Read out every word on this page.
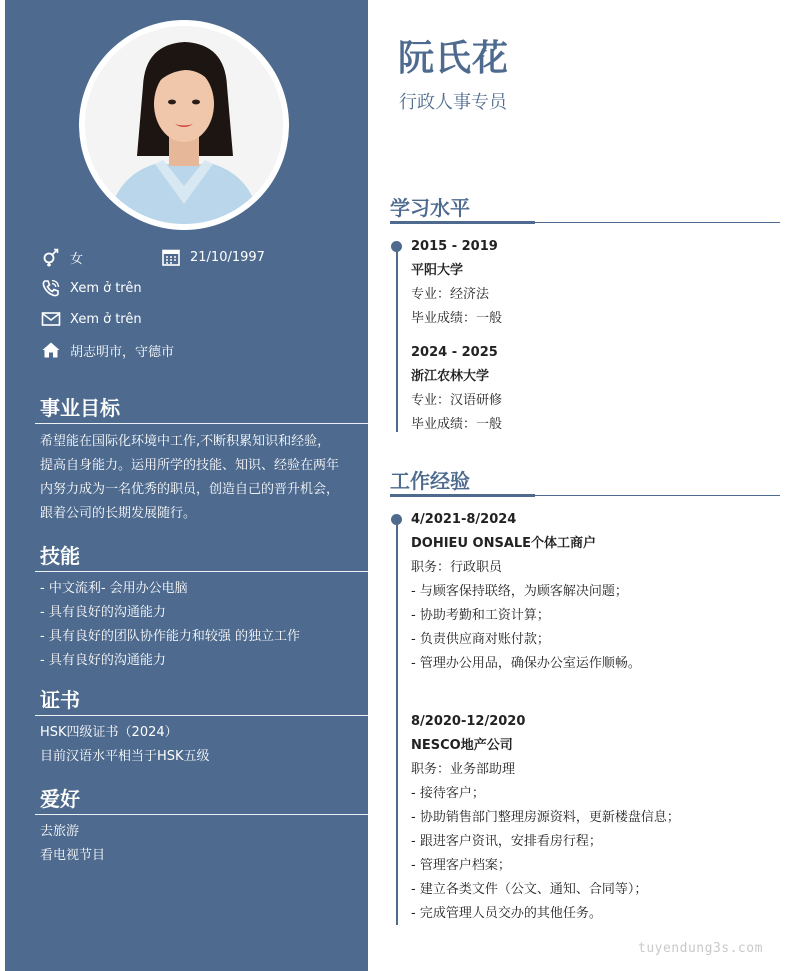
女	21/10/1997
Xem ở trên
Xem ở trên
胡志明市，守德市
事业目标
希望能在国际化环境中工作,不断积累知识和经验，提高自身能力。运用所学的技能、知识、经验在两年内努力成为一名优秀的职员，创造自己的晋升机会，跟着公司的长期发展随行。
技能
- 中文流利- 会用办公电脑
- 具有良好的沟通能力
- 具有良好的团队协作能力和较强 的独立工作
- 具有良好的沟通能力
证书
HSK四级证书（2024）
目前汉语水平相当于HSK五级
爱好
去旅游
看电视节目
阮氏花
行政人事专员
学习水平
2015 - 2019
平阳大学
专业：经济法
毕业成绩：一般
2024 - 2025
浙江农林大学
专业：汉语研修
毕业成绩：一般
工作经验
4/2021-8/2024
DOHIEU ONSALE个体工商户
职务：行政职员
- 与顾客保持联络，为顾客解决问题；
- 协助考勤和工资计算；
- 负责供应商对账付款；
- 管理办公用品，确保办公室运作顺畅。
8/2020-12/2020
NESCO地产公司
职务：业务部助理
- 接待客户；
- 协助销售部门整理房源资料，更新楼盘信息；
- 跟进客户资讯，安排看房行程；
- 管理客户档案；
- 建立各类文件（公文、通知、合同等）；
- 完成管理人员交办的其他任务。
tuyendung3s.com
